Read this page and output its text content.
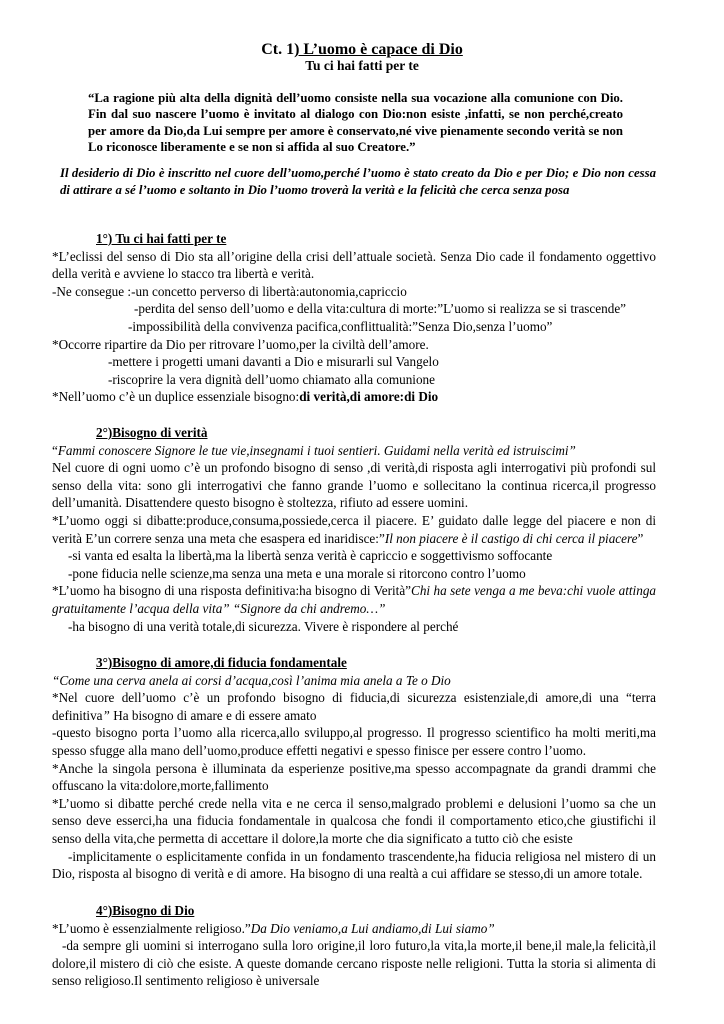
Ct. 1) L’uomo è capace di Dio
Tu ci hai fatti per te
“La ragione più alta della dignità dell’uomo consiste nella sua vocazione alla comunione con Dio. Fin dal suo nascere l’uomo è invitato al dialogo con Dio:non esiste ,infatti, se non perché,creato per amore da Dio,da Lui sempre per amore è conservato,né vive pienamente secondo verità se non Lo riconosce liberamente e se non si affida al suo Creatore.”
Il desiderio di Dio è inscritto nel cuore dell’uomo,perché l’uomo è stato creato da Dio e per Dio; e Dio non cessa di attirare a sé l’uomo e soltanto in Dio l’uomo troverà la verità e la felicità che cerca senza posa
1°) Tu ci hai fatti per te
*L’eclissi del senso di Dio sta all’origine della crisi dell’attuale società. Senza Dio cade il fondamento oggettivo della verità e avviene lo stacco tra libertà e verità.
-Ne consegue :-un concetto perverso di libertà:autonomia,capriccio
-perdita del senso dell’uomo e della vita:cultura di morte:”L’uomo si realizza se si trascende”
-impossibilità della convivenza pacifica,conflittualità:”Senza Dio,senza l’uomo”
*Occorre ripartire da Dio per ritrovare l’uomo,per la civiltà dell’amore.
-mettere i progetti umani davanti a Dio e misurarli sul Vangelo
-riscoprire la vera dignità dell’uomo chiamato alla comunione
*Nell’uomo c’è un duplice essenziale bisogno:di verità,di amore:di Dio
2°)Bisogno di verità
“Fammi conoscere Signore le tue vie,insegnami i tuoi sentieri. Guidami nella verità ed istruiscimi”
Nel cuore di ogni uomo c’è un profondo bisogno di senso ,di verità,di risposta agli interrogativi più profondi sul senso della vita: sono gli interrogativi che fanno grande l’uomo e sollecitano la continua ricerca,il progresso dell’umanità. Disattendere questo bisogno è stoltezza, rifiuto ad essere uomini.
*L’uomo oggi si dibatte:produce,consuma,possiede,cerca il piacere. E’ guidato dalle legge del piacere e non di verità E’un correre senza una meta che esaspera ed inaridisce:”Il non piacere è il castigo di chi cerca il piacere”
-si vanta ed esalta la libertà,ma la libertà senza verità è capriccio e soggettivismo soffocante
-pone fiducia nelle scienze,ma senza una meta e una morale si ritorcono contro l’uomo
*L’uomo ha bisogno di una risposta definitiva:ha bisogno di Verità”Chi ha sete venga a me beva:chi vuole attinga gratuitamente l’acqua della vita” “Signore da chi andremo…”
-ha bisogno di una verità totale,di sicurezza. Vivere è rispondere al perché
3°)Bisogno di amore,di fiducia fondamentale
“Come una cerva anela ai corsi d’acqua,così l’anima mia anela a Te o Dio
*Nel cuore dell’uomo c’è un profondo bisogno di fiducia,di sicurezza esistenziale,di amore,di una “terra definitiva” Ha bisogno di amare e di essere amato
-questo bisogno porta l’uomo alla ricerca,allo sviluppo,al progresso. Il progresso scientifico ha molti meriti,ma spesso sfugge alla mano dell’uomo,produce effetti negativi e spesso finisce per essere contro l’uomo.
*Anche la singola persona è illuminata da esperienze positive,ma spesso accompagnate da grandi drammi che offuscano la vita:dolore,morte,fallimento
*L’uomo si dibatte perché crede nella vita e ne cerca il senso,malgrado problemi e delusioni l’uomo sa che un senso deve esserci,ha una fiducia fondamentale in qualcosa che fondi il comportamento etico,che giustifichi il senso della vita,che permetta di accettare il dolore,la morte che dia significato a tutto ciò che esiste
-implicitamente o esplicitamente confida in un fondamento trascendente,ha fiducia religiosa nel mistero di un Dio, risposta al bisogno di verità e di amore. Ha bisogno di una realtà a cui affidare se stesso,di un amore totale.
4°)Bisogno di Dio
*L’uomo è essenzialmente religioso.”Da Dio veniamo,a Lui andiamo,di Lui siamo”
-da sempre gli uomini si interrogano sulla loro origine,il loro futuro,la vita,la morte,il bene,il male,la felicità,il dolore,il mistero di ciò che esiste. A queste domande cercano risposte nelle religioni. Tutta la storia si alimenta di senso religioso.Il sentimento religioso è universale
